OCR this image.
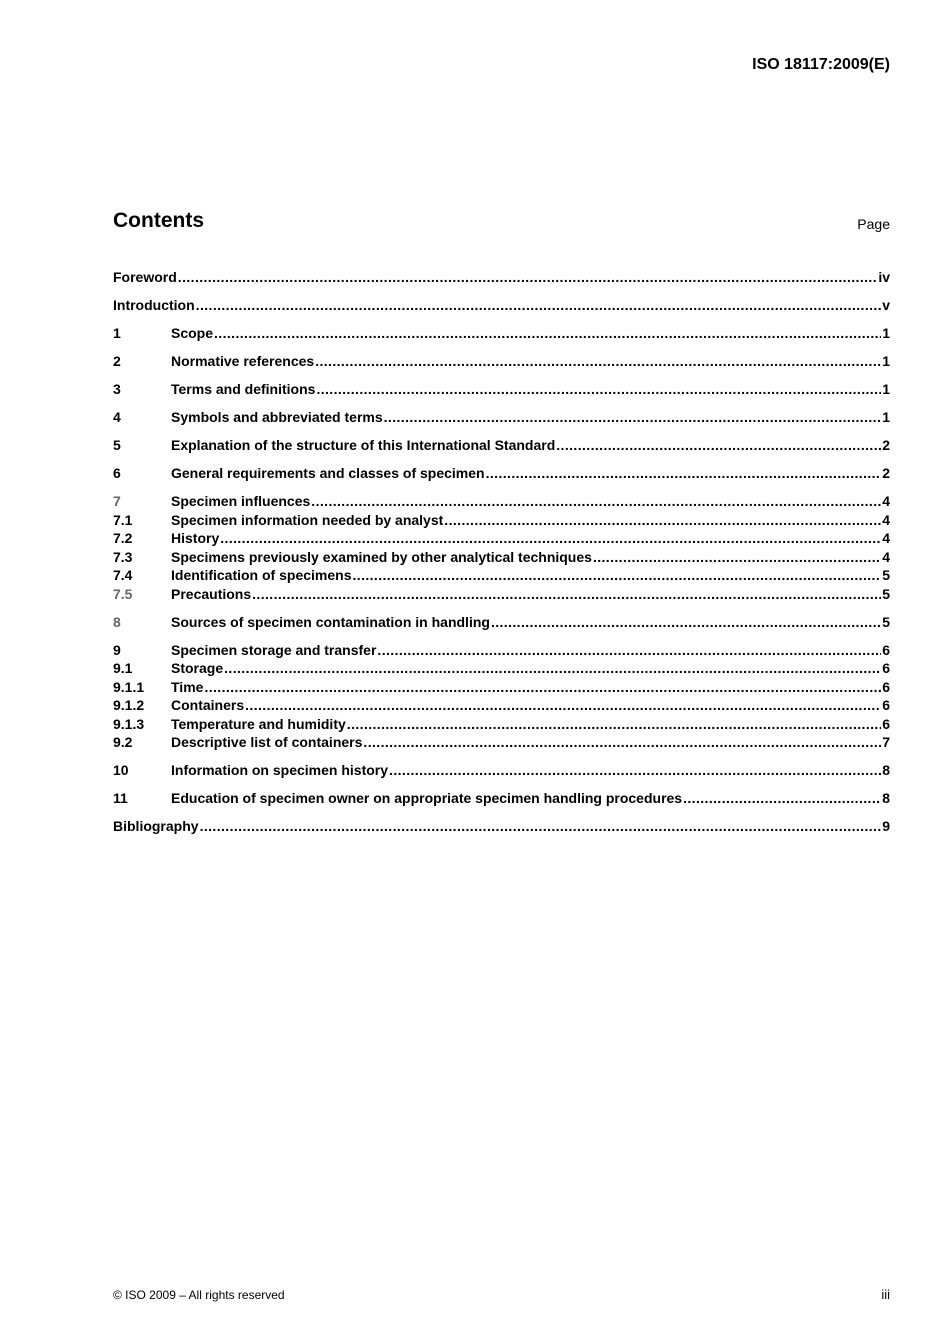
ISO 18117:2009(E)
Contents	Page
Foreword .....	iv
Introduction .....	v
1	Scope .....	1
2	Normative references .....	1
3	Terms and definitions .....	1
4	Symbols and abbreviated terms .....	1
5	Explanation of the structure of this International Standard .....	2
6	General requirements and classes of specimen .....	2
7	Specimen influences .....	4
7.1	Specimen information needed by analyst .....	4
7.2	History .....	4
7.3	Specimens previously examined by other analytical techniques .....	4
7.4	Identification of specimens .....	5
7.5	Precautions .....	5
8	Sources of specimen contamination in handling .....	5
9	Specimen storage and transfer .....	6
9.1	Storage .....	6
9.1.1	Time .....	6
9.1.2	Containers .....	6
9.1.3	Temperature and humidity .....	6
9.2	Descriptive list of containers .....	7
10	Information on specimen history .....	8
11	Education of specimen owner on appropriate specimen handling procedures .....	8
Bibliography .....	9
© ISO 2009 – All rights reserved	iii
